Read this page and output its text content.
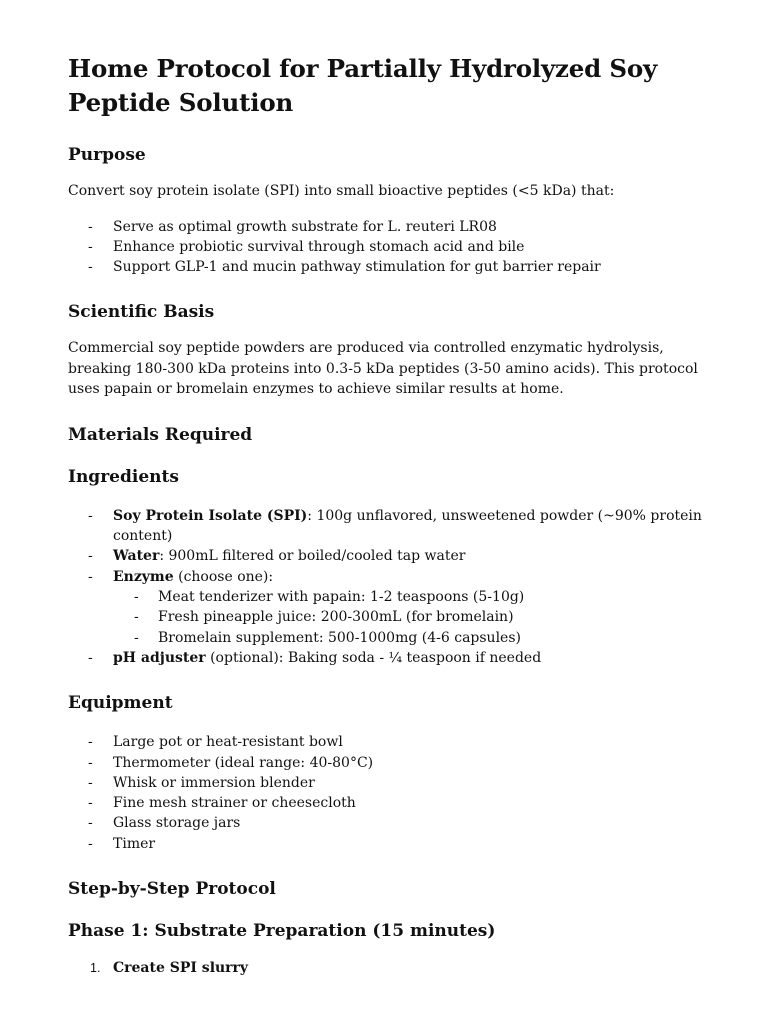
Home Protocol for Partially Hydrolyzed Soy Peptide Solution
Purpose

Convert soy protein isolate (SPI) into small bioactive peptides (<5 kDa) that:

- Serve as optimal growth substrate for L. reuteri LR08
- Enhance probiotic survival through stomach acid and bile
- Support GLP-1 and mucin pathway stimulation for gut barrier repair
Scientific Basis

Commercial soy peptide powders are produced via controlled enzymatic hydrolysis, breaking 180-300 kDa proteins into 0.3-5 kDa peptides (3-50 amino acids). This protocol uses papain or bromelain enzymes to achieve similar results at home.

Materials Required
Ingredients
- Soy Protein Isolate (SPI): 100g unflavored, unsweetened powder (~90% protein content)
- Water: 900mL filtered or boiled/cooled tap water
- Enzyme (choose one):
- Meat tenderizer with papain: 1-2 teaspoons (5-10g)
- Fresh pineapple juice: 200-300mL (for bromelain)
- Bromelain supplement: 500-1000mg (4-6 capsules)
- pH adjuster (optional): Baking soda - ¼ teaspoon if needed
Equipment
- Large pot or heat-resistant bowl
- Thermometer (ideal range: 40-80°C)
- Whisk or immersion blender
- Fine mesh strainer or cheesecloth
- Glass storage jars
- Timer
Step-by-Step Protocol
Phase 1: Substrate Preparation (15 minutes)
1. Create SPI slurry
